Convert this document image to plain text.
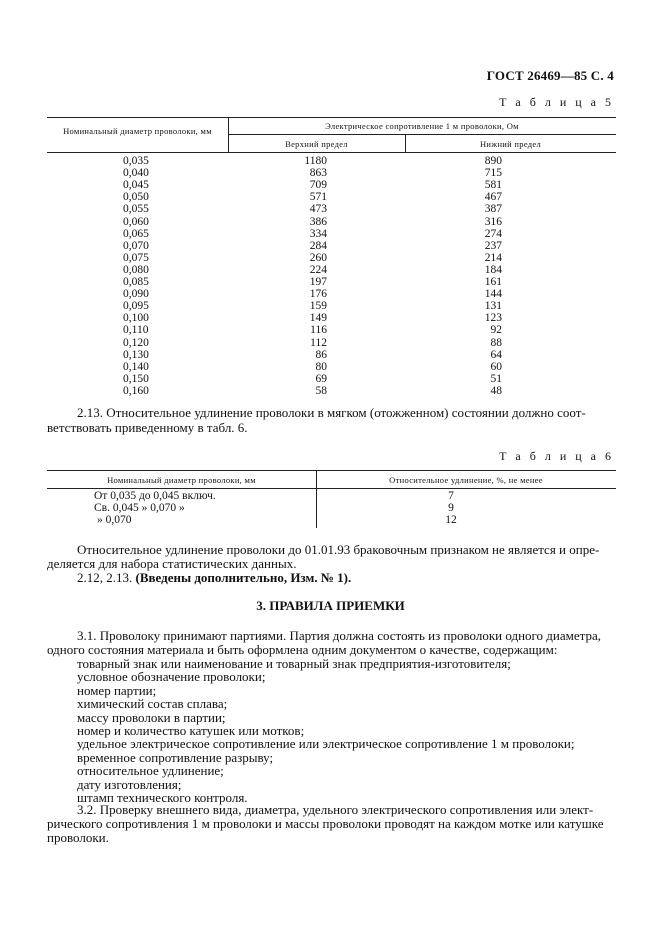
ГОСТ 26469—85 С. 4
Т а б л и ц а 5
Номинальный диаметр проволоки, мм	Электрическое сопротивление 1 м проволоки, Ом
Верхний предел	Нижний предел
0,035	1180	890
0,040	863	715
0,045	709	581
0,050	571	467
0,055	473	387
0,060	386	316
0,065	334	274
0,070	284	237
0,075	260	214
0,080	224	184
0,085	197	161
0,090	176	144
0,095	159	131
0,100	149	123
0,110	116	92
0,120	112	88
0,130	86	64
0,140	80	60
0,150	69	51
0,160	58	48
2.13. Относительное удлинение проволоки в мягком (отожженном) состоянии должно соот-
ветствовать приведенному в табл. 6.
Т а б л и ц а 6
Номинальный диаметр проволоки, мм	Относительное удлинение, %, не менее
От 0,035 до 0,045 включ.	7
Св. 0,045 » 0,070 »	9
» 0,070	12
Относительное удлинение проволоки до 01.01.93 браковочным признаком не является и опре-
деляется для набора статистических данных.
2.12, 2.13. (Введены дополнительно, Изм. № 1).
3. ПРАВИЛА ПРИЕМКИ
3.1. Проволоку принимают партиями. Партия должна состоять из проволоки одного диаметра,
одного состояния материала и быть оформлена одним документом о качестве, содержащим:
товарный знак или наименование и товарный знак предприятия-изготовителя;
условное обозначение проволоки;
номер партии;
химический состав сплава;
массу проволоки в партии;
номер и количество катушек или мотков;
удельное электрическое сопротивление или электрическое сопротивление 1 м проволоки;
временное сопротивление разрыву;
относительное удлинение;
дату изготовления;
штамп технического контроля.
3.2. Проверку внешнего вида, диаметра, удельного электрического сопротивления или элект-
рического сопротивления 1 м проволоки и массы проволоки проводят на каждом мотке или катушке
проволоки.
